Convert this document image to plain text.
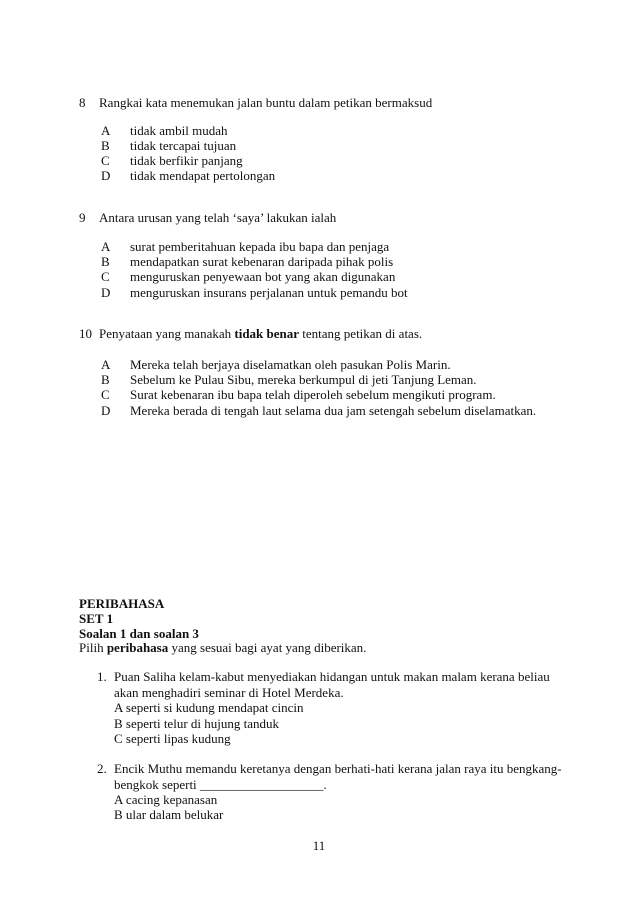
8 Rangkai kata menemukan jalan buntu dalam petikan bermaksud
A tidak ambil mudah
B tidak tercapai tujuan
C tidak berfikir panjang
D tidak mendapat pertolongan
9 Antara urusan yang telah ‘saya’ lakukan ialah
A surat pemberitahuan kepada ibu bapa dan penjaga
B mendapatkan surat kebenaran daripada pihak polis
C menguruskan penyewaan bot yang akan digunakan
D menguruskan insurans perjalanan untuk pemandu bot
10 Penyataan yang manakah tidak benar tentang petikan di atas.
A Mereka telah berjaya diselamatkan oleh pasukan Polis Marin.
B Sebelum ke Pulau Sibu, mereka berkumpul di jeti Tanjung Leman.
C Surat kebenaran ibu bapa telah diperoleh sebelum mengikuti program.
D Mereka berada di tengah laut selama dua jam setengah sebelum diselamatkan.
PERIBAHASA
SET 1
Soalan 1 dan soalan 3
Pilih peribahasa yang sesuai bagi ayat yang diberikan.
1. Puan Saliha kelam-kabut menyediakan hidangan untuk makan malam kerana beliau
akan menghadiri seminar di Hotel Merdeka.
A seperti si kudung mendapat cincin
B seperti telur di hujung tanduk
C seperti lipas kudung
2. Encik Muthu memandu keretanya dengan berhati-hati kerana jalan raya itu bengkang-
bengkok seperti ___________________.
A cacing kepanasan
B ular dalam belukar
11
